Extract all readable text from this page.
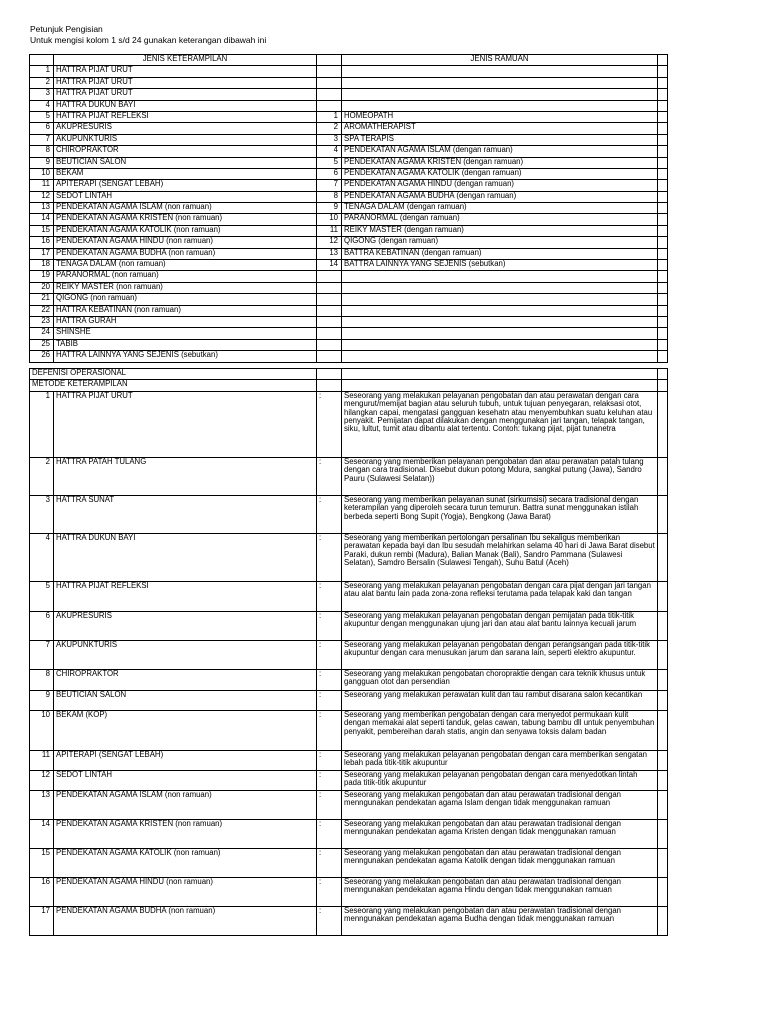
Petunjuk Pengisian
Untuk mengisi kolom 1 s/d 24 gunakan keterangan dibawah ini
	JENIS KETERAMPILAN		JENIS RAMUAN	
1	HATTRA PIJAT URUT			
2	HATTRA PIJAT URUT			
3	HATTRA PIJAT URUT			
4	HATTRA DUKUN BAYI			
5	HATTRA PIJAT REFLEKSI	1	HOMEOPATH	
6	AKUPRESURIS	2	AROMATHERAPIST	
7	AKUPUNKTURIS	3	SPA TERAPIS	
8	CHIROPRAKTOR	4	PENDEKATAN AGAMA ISLAM (dengan ramuan)	
9	BEUTICIAN SALON	5	PENDEKATAN AGAMA KRISTEN (dengan ramuan)	
10	BEKAM	6	PENDEKATAN AGAMA KATOLIK (dengan ramuan)	
11	APITERAPI (SENGAT LEBAH)	7	PENDEKATAN AGAMA HINDU (dengan ramuan)	
12	SEDOT LINTAH	8	PENDEKATAN AGAMA BUDHA (dengan ramuan)	
13	PENDEKATAN AGAMA ISLAM (non ramuan)	9	TENAGA DALAM (dengan ramuan)	
14	PENDEKATAN AGAMA KRISTEN (non ramuan)	10	PARANORMAL (dengan ramuan)	
15	PENDEKATAN AGAMA KATOLIK (non ramuan)	11	REIKY MASTER (dengan ramuan)	
16	PENDEKATAN AGAMA HINDU (non ramuan)	12	QIGONG (dengan ramuan)	
17	PENDEKATAN AGAMA BUDHA (non ramuan)	13	BATTRA KEBATINAN (dengan ramuan)	
18	TENAGA DALAM (non ramuan)	14	BATTRA LAINNYA YANG SEJENIS (sebutkan)	
19	PARANORMAL (non ramuan)			
20	REIKY MASTER (non ramuan)			
21	QIGONG (non ramuan)			
22	HATTRA KEBATINAN (non ramuan)			
23	HATTRA GURAH			
24	SHINSHE			
25	TABIB			
26	HATTRA LAINNYA YANG SEJENIS (sebutkan)			
DEFENISI OPERASIONAL				
METODE KETERAMPILAN				
1	HATTRA PIJAT URUT	:	Seseorang yang melakukan pelayanan pengobatan dan atau perawatan dengan cara mengurut/memijat bagian atau seluruh tubuh, untuk tujuan penyegaran, relaksasi otot, hilangkan capai, mengatasi gangguan kesehatn atau menyembuhkan suatu keluhan atau penyakit. Pemijatan dapat dilakukan dengan menggunakan jari tangan, telapak tangan, siku, lultut, tumit atau dibantu alat tertentu. Contoh: tukang pijat, pijat tunanetra	
2	HATTRA PATAH TULANG	:	Seseorang yang memberikan pelayanan pengobatan dan atau perawatan patah tulang dengan cara tradisional. Disebut dukun potong Mdura, sangkal putung (Jawa), Sandro Pauru (Sulawesi Selatan))	
3	HATTRA SUNAT	:	Seseorang yang memberikan pelayanan sunat (sirkumsisi) secara tradisional dengan keterampilan yang diperoleh secara turun temurun. Battra sunat menggunakan istilah berbeda seperti Bong Supit (Yogja), Bengkong (Jawa Barat)	
4	HATTRA DUKUN BAYI	:	Seseorang yang memberikan pertolongan persalinan Ibu sekaligus memberikan perawatan kepada bayi dan Ibu sesudah melahirkan selama 40 hari di Jawa Barat disebut Paraki, dukun rembi (Madura), Balian Manak (Bali), Sandro Pammana (Sulawesi Selatan), Samdro Bersalin (Sulawesi Tengah), Suhu Batul (Aceh)	
5	HATTRA PIJAT REFLEKSI	:	Seseorang yang melakukan pelayanan pengobatan dengan cara pijat dengan jari tangan atau alat bantu lain pada zona-zona refleksi terutama pada telapak kaki dan tangan	
6	AKUPRESURIS	:	Seseorang yang melakukan pelayanan pengobatan dengan pemijatan pada titik-titik akupuntur dengan menggunakan ujung jari dan atau alat bantu lainnya kecuali jarum	
7	AKUPUNKTURIS	:	Seseorang yang melakukan pelayanan pengobatan dengan perangsangan pada titik-titik akupuntur dengan cara menusukan jarum dan sarana lain, seperti elektro akupuntur.	
8	CHIROPRAKTOR	:	Seseorang yang melakukan pengobatan choropraktie dengan cara teknik khusus untuk gangguan otot dan persendian	
9	BEUTICIAN SALON	:	Seseorang yang melakukan perawatan kulit dan tau rambut disarana salon kecantikan	
10	BEKAM (KOP)	:	Seseorang yang memberikan pengobatan dengan cara menyedot permukaan kulit dengan memakai alat seperti tanduk, gelas cawan, tabung bambu dll untuk penyembuhan penyakit, pembereihan darah statis, angin dan senyawa toksis dalam badan	
11	APITERAPI (SENGAT LEBAH)	:	Seseorang yang melakukan pelayanan pengobatan dengan cara memberikan sengatan lebah pada titik-titik akupuntur	
12	SEDOT LINTAH	:	Seseorang yang melakukan pelayanan pengobatan dengan cara menyedotkan lintah pada titik-titik akupuntur	
13	PENDEKATAN AGAMA ISLAM (non ramuan)	:	Seseorang yang melakukan pengobatan dan atau perawatan tradisional dengan menngunakan pendekatan agama Islam dengan tidak menggunakan ramuan	
14	PENDEKATAN AGAMA KRISTEN (non ramuan)	:	Seseorang yang melakukan pengobatan dan atau perawatan tradisional dengan menngunakan pendekatan agama Kristen dengan tidak menggunakan ramuan	
15	PENDEKATAN AGAMA KATOLIK (non ramuan)	:	Seseorang yang melakukan pengobatan dan atau perawatan tradisional dengan menngunakan pendekatan agama Katolik dengan tidak menggunakan ramuan	
16	PENDEKATAN AGAMA HINDU (non ramuan)	:	Seseorang yang melakukan pengobatan dan atau perawatan tradisional dengan menngunakan pendekatan agama Hindu dengan tidak menggunakan ramuan	
17	PENDEKATAN AGAMA BUDHA (non ramuan)	:	Seseorang yang melakukan pengobatan dan atau perawatan tradisional dengan menngunakan pendekatan agama Budha dengan tidak menggunakan ramuan	
